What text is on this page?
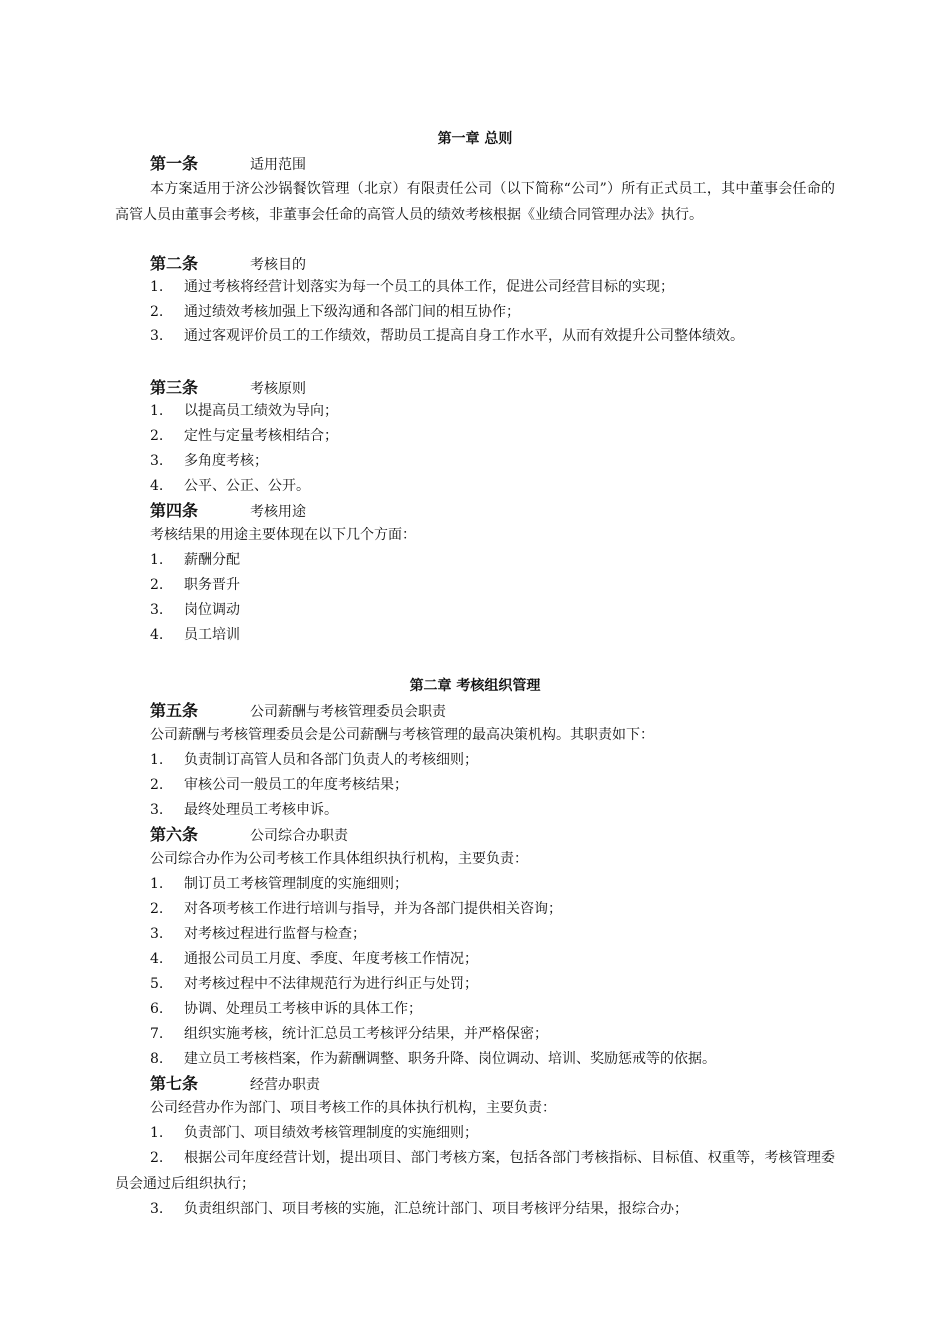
第一章 总则
第一条	适用范围
本方案适用于济公沙锅餐饮管理（北京）有限责任公司（以下简称“公司”）所有正式员工，其中董事会任命的高管人员由董事会考核，非董事会任命的高管人员的绩效考核根据《业绩合同管理办法》执行。
第二条	考核目的
1. 通过考核将经营计划落实为每一个员工的具体工作，促进公司经营目标的实现；
2. 通过绩效考核加强上下级沟通和各部门间的相互协作；
3. 通过客观评价员工的工作绩效，帮助员工提高自身工作水平，从而有效提升公司整体绩效。
第三条	考核原则
1. 以提高员工绩效为导向；
2. 定性与定量考核相结合；
3. 多角度考核；
4. 公平、公正、公开。
第四条	考核用途
考核结果的用途主要体现在以下几个方面：
1. 薪酬分配
2. 职务晋升
3. 岗位调动
4. 员工培训
第二章 考核组织管理
第五条	公司薪酬与考核管理委员会职责
公司薪酬与考核管理委员会是公司薪酬与考核管理的最高决策机构。其职责如下：
1. 负责制订高管人员和各部门负责人的考核细则；
2. 审核公司一般员工的年度考核结果；
3. 最终处理员工考核申诉。
第六条	公司综合办职责
公司综合办作为公司考核工作具体组织执行机构，主要负责：
1. 制订员工考核管理制度的实施细则；
2. 对各项考核工作进行培训与指导，并为各部门提供相关咨询；
3. 对考核过程进行监督与检查；
4. 通报公司员工月度、季度、年度考核工作情况；
5. 对考核过程中不法律规范行为进行纠正与处罚；
6. 协调、处理员工考核申诉的具体工作；
7. 组织实施考核，统计汇总员工考核评分结果，并严格保密；
8. 建立员工考核档案，作为薪酬调整、职务升降、岗位调动、培训、奖励惩戒等的依据。
第七条	经营办职责
公司经营办作为部门、项目考核工作的具体执行机构，主要负责：
1. 负责部门、项目绩效考核管理制度的实施细则；
2. 根据公司年度经营计划，提出项目、部门考核方案，包括各部门考核指标、目标值、权重等，考核管理委员会通过后组织执行；
3. 负责组织部门、项目考核的实施，汇总统计部门、项目考核评分结果，报综合办；
